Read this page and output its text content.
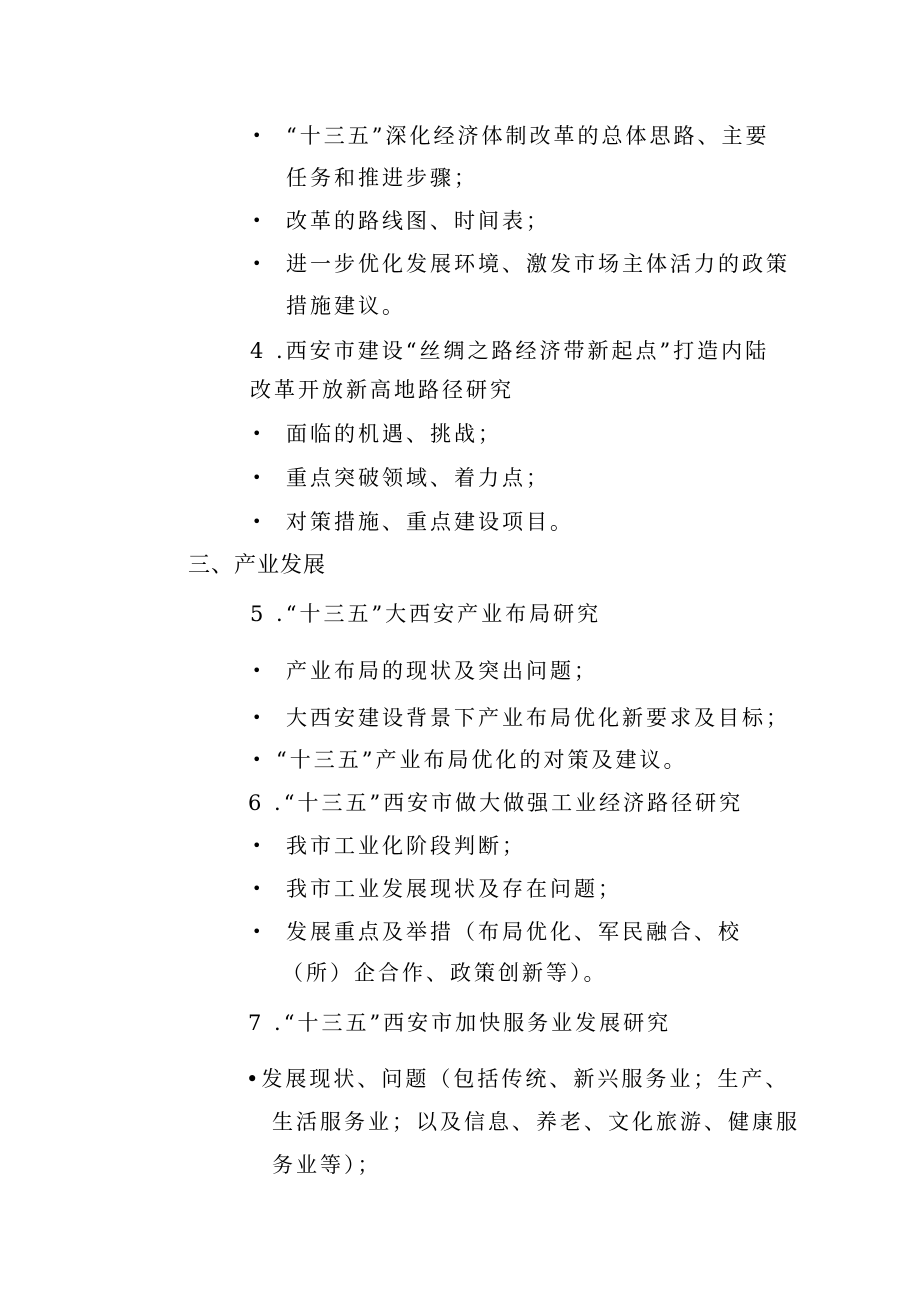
• “十三五”深化经济体制改革的总体思路、主要
任务和推进步骤；
• 改革的路线图、时间表；
• 进一步优化发展环境、激发市场主体活力的政策
措施建议。
4 .西安市建设“丝绸之路经济带新起点”打造内陆
改革开放新高地路径研究
• 面临的机遇、挑战；
• 重点突破领域、着力点；
• 对策措施、重点建设项目。
三、产业发展
5 .“十三五”大西安产业布局研究
• 产业布局的现状及突出问题；
• 大西安建设背景下产业布局优化新要求及目标；
• “十三五”产业布局优化的对策及建议。
6 .“十三五”西安市做大做强工业经济路径研究
• 我市工业化阶段判断；
• 我市工业发展现状及存在问题；
• 发展重点及举措（布局优化、军民融合、校
（所）企合作、政策创新等）。
7 .“十三五”西安市加快服务业发展研究
•发展现状、问题（包括传统、新兴服务业；生产、
生活服务业；以及信息、养老、文化旅游、健康服
务业等）；
